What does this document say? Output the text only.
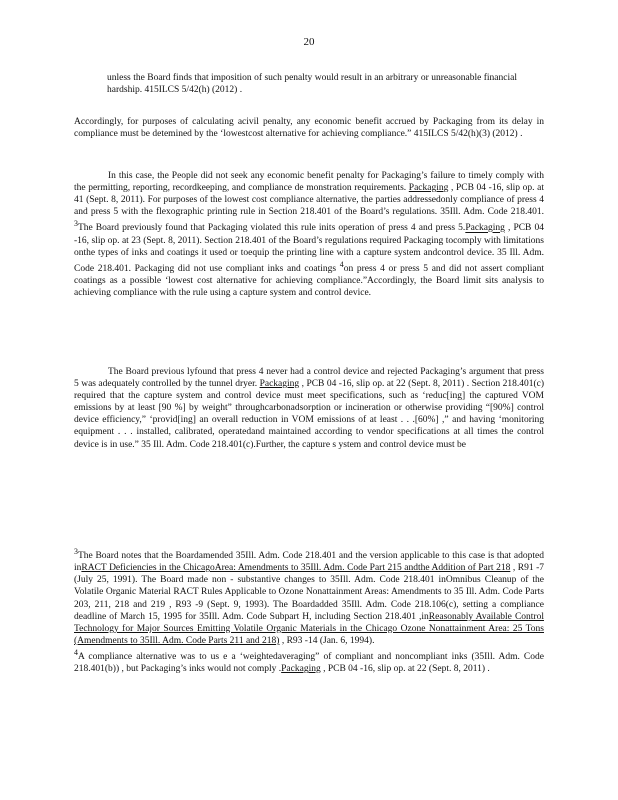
20

unless the Board finds that imposition of such penalty would result in an arbitrary or unreasonable financial hardship. 415ILCS 5/42(h) (2012) .

Accordingly, for purposes of calculating acivil penalty, any economic benefit accrued by Packaging from its delay in compliance must be detemined by the ‘lowestcost alternative for achieving compliance.” 415ILCS 5/42(h)(3) (2012) .

In this case, the People did not seek any economic benefit penalty for Packaging’s failure to timely comply with the permitting, reporting, recordkeeping, and compliance de monstration requirements. Packaging , PCB 04 -16, slip op. at 41 (Sept. 8, 2011). For purposes of the lowest cost compliance alternative, the parties addressedonly compliance of press 4 and press 5 with the flexographic printing rule in Section 218.401 of the Board’s regulations. 35Ill. Adm. Code 218.401. $^3$The Board previously found that Packaging violated this rule inits operation of press 4 and press 5.Packaging , PCB 04 -16, slip op. at 23 (Sept. 8, 2011). Section 218.401 of the Board’s regulations required Packaging tocomply with limitations onthe types of inks and coatings it used or toequip the printing line with a capture system andcontrol device. 35 Ill. Adm. Code 218.401. Packaging did not use compliant inks and coatings $^4$on press 4 or press 5 and did not assert compliant coatings as a possible ‘lowest cost alternative for achieving compliance.”Accordingly, the Board limit sits analysis to achieving compliance with the rule using a capture system and control device.

The Board previous lyfound that press 4 never had a control device and rejected Packaging’s argument that press 5 was adequately controlled by the tunnel dryer. Packaging , PCB 04 -16, slip op. at 22 (Sept. 8, 2011) . Section 218.401(c) required that the capture system and control device must meet specifications, such as ‘reduc[ing] the captured VOM emissions by at least [90 %] by weight” throughcarbonadsorption or incineration or otherwise providing “[90%] control device efficiency,” ‘provid[ing] an overall reduction in VOM emissions of at least . . .[60%] ,” and having ‘monitoring equipment . . . installed, calibrated, operatedand maintained according to vendor specifications at all times the control device is in use.” 35 Ill. Adm. Code 218.401(c).Further, the capture s ystem and control device must be

$^3$The Board notes that the Boardamended 35Ill. Adm. Code 218.401 and the version applicable to this case is that adopted inRACT Deficiencies in the ChicagoArea: Amendments to 35Ill. Adm. Code Part 215 andthe Addition of Part 218 , R91 -7 (July 25, 1991). The Board made non - substantive changes to 35Ill. Adm. Code 218.401 inOmnibus Cleanup of the Volatile Organic Material RACT Rules Applicable to Ozone Nonattainment Areas: Amendments to 35 Ill. Adm. Code Parts 203, 211, 218 and 219 , R93 -9 (Sept. 9, 1993). The Boardadded 35Ill. Adm. Code 218.106(c), setting a compliance deadline of March 15, 1995 for 35Ill. Adm. Code Subpart H, including Section 218.401 ,inReasonably Available Control Technology for Major Sources Emitting Volatile Organic Materials in the Chicago Ozone Nonattainment Area: 25 Tons (Amendments to 35Ill. Adm. Code Parts 211 and 218) , R93 -14 (Jan. 6, 1994).

$^4$A compliance alternative was to us e a ‘weightedaveraging” of compliant and noncompliant inks (35Ill. Adm. Code 218.401(b)) , but Packaging’s inks would not comply .Packaging , PCB 04 -16, slip op. at 22 (Sept. 8, 2011) .
